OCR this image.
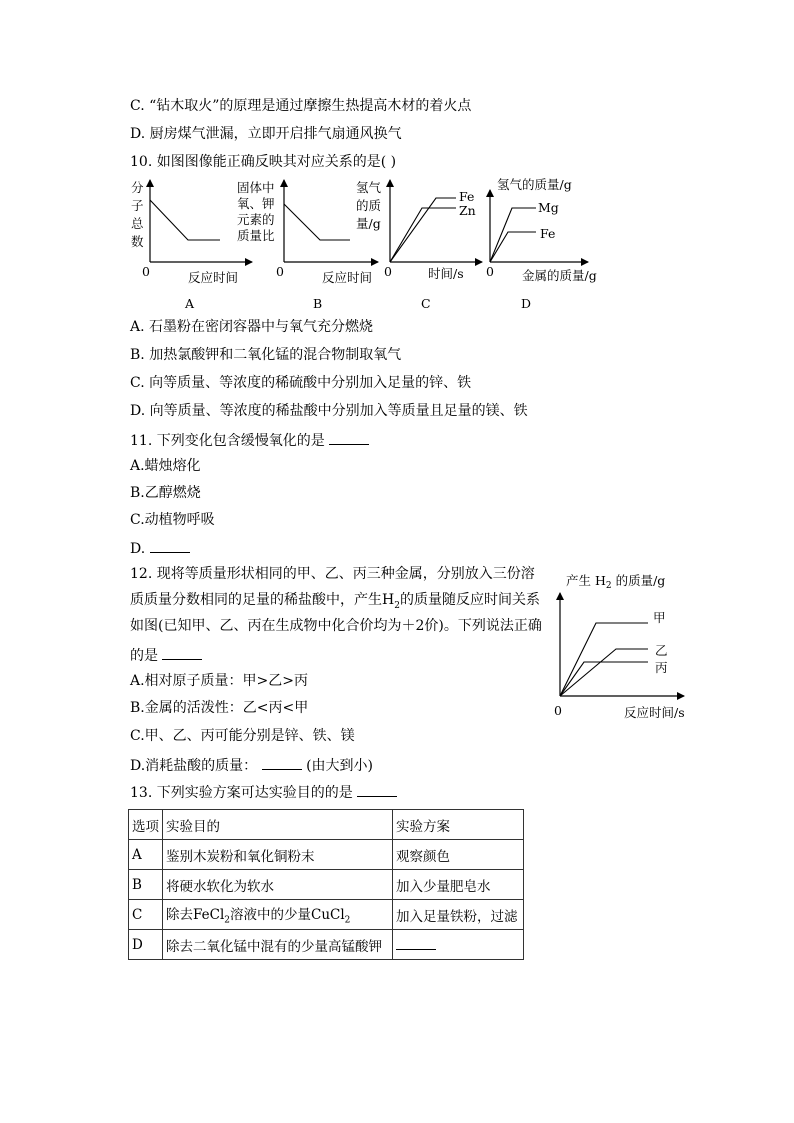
C. “钻木取火”的原理是通过摩擦生热提高木材的着火点
D. 厨房煤气泄漏，立即开启排气扇通风换气
10. 如图图像能正确反映其对应关系的是( )
分
子
总
数
0	反应时间
A
固体中
氧、钾
元素的
质量比
0	反应时间
B
氢气
的质
量/g
Fe
Zn
0	时间/s
C
氢气的质量/g
Mg
Fe
0 金属的质量/g
D
A. 石墨粉在密闭容器中与氧气充分燃烧
B. 加热氯酸钾和二氧化锰的混合物制取氧气
C. 向等质量、等浓度的稀硫酸中分别加入足量的锌、铁
D. 向等质量、等浓度的稀盐酸中分别加入等质量且足量的镁、铁
11. 下列变化包含缓慢氧化的是
A.蜡烛熔化
B.乙醇燃烧
C.动植物呼吸
D.
12. 现将等质量形状相同的甲、乙、丙三种金属，分别放入三份溶
质质量分数相同的足量的稀盐酸中，产生$H_2$的质量随反应时间关系
如图(已知甲、乙、丙在生成物中化合价均为＋2价)。下列说法正确
的是
A.相对原子质量：甲>乙>丙
B.金属的活泼性：乙<丙<甲
C.甲、乙、丙可能分别是锌、铁、镁
D.消耗盐酸的质量：	(由大到小)
产生 $H_2$ 的质量/g
甲
乙
丙
0	反应时间/s
13. 下列实验方案可达实验目的的是
选项	实验目的	实验方案
A	鉴别木炭粉和氧化铜粉末	观察颜色
B	将硬水软化为软水	加入少量肥皂水
C	除去FeCl$_2$溶液中的少量CuCl$_2$	加入足量铁粉，过滤
D	除去二氧化锰中混有的少量高锰酸钾	
